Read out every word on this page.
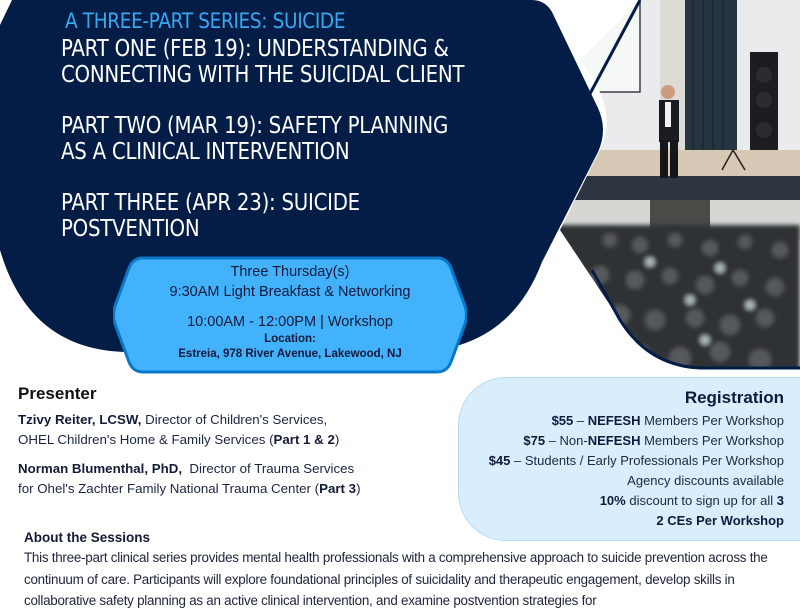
A THREE-PART SERIES: SUICIDE
PART ONE (FEB 19): UNDERSTANDING &
CONNECTING WITH THE SUICIDAL CLIENT
PART TWO (MAR 19): SAFETY PLANNING
AS A CLINICAL INTERVENTION
PART THREE (APR 23): SUICIDE
POSTVENTION
Three Thursday(s)
9:30AM Light Breakfast & Networking
10:00AM - 12:00PM | Workshop
Location:
Estreia, 978 River Avenue, Lakewood, NJ
Presenter

Tzivy Reiter, LCSW, Director of Children's Services,
OHEL Children's Home & Family Services (Part 1 & 2)

Norman Blumenthal, PhD,  Director of Trauma Services
for Ohel's Zachter Family National Trauma Center (Part 3)

Registration
$55 – NEFESH Members Per Workshop
$75 – Non-NEFESH Members Per Workshop
$45 – Students / Early Professionals Per Workshop
Agency discounts available
10% discount to sign up for all 3
2 CEs Per Workshop
About the Sessions

This three-part clinical series provides mental health professionals with a comprehensive approach to suicide prevention across the continuum of care. Participants will explore foundational principles of suicidality and therapeutic engagement, develop skills in collaborative safety planning as an active clinical intervention, and examine postvention strategies for
